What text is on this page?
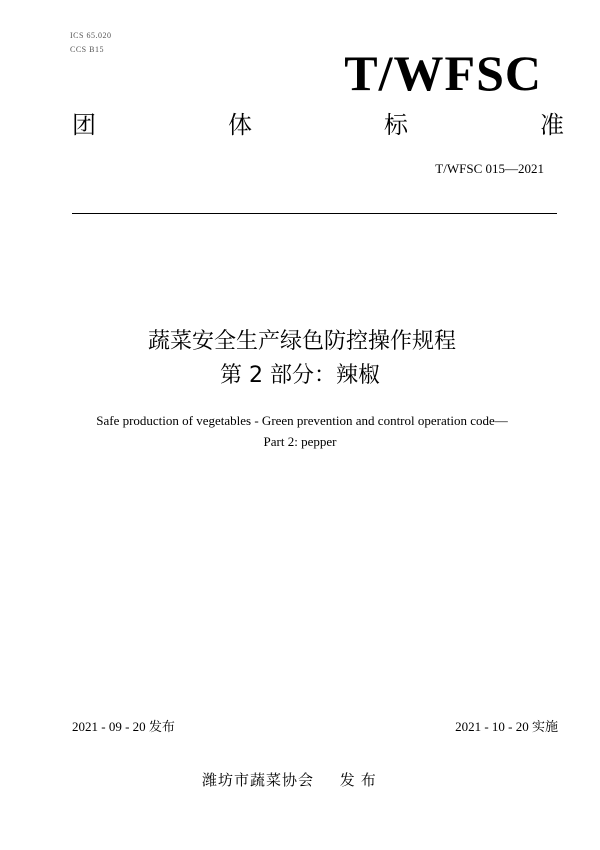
ICS 65.020
CCS B15	T/WFSC
团	体	标	准
T/WFSC 015—2021
蔬菜安全生产绿色防控操作规程
第 2 部分：辣椒
Safe production of vegetables - Green prevention and control operation code—
Part 2: pepper
2021 - 09 - 20 发布	2021 - 10 - 20 实施
潍坊市蔬菜协会 发布
